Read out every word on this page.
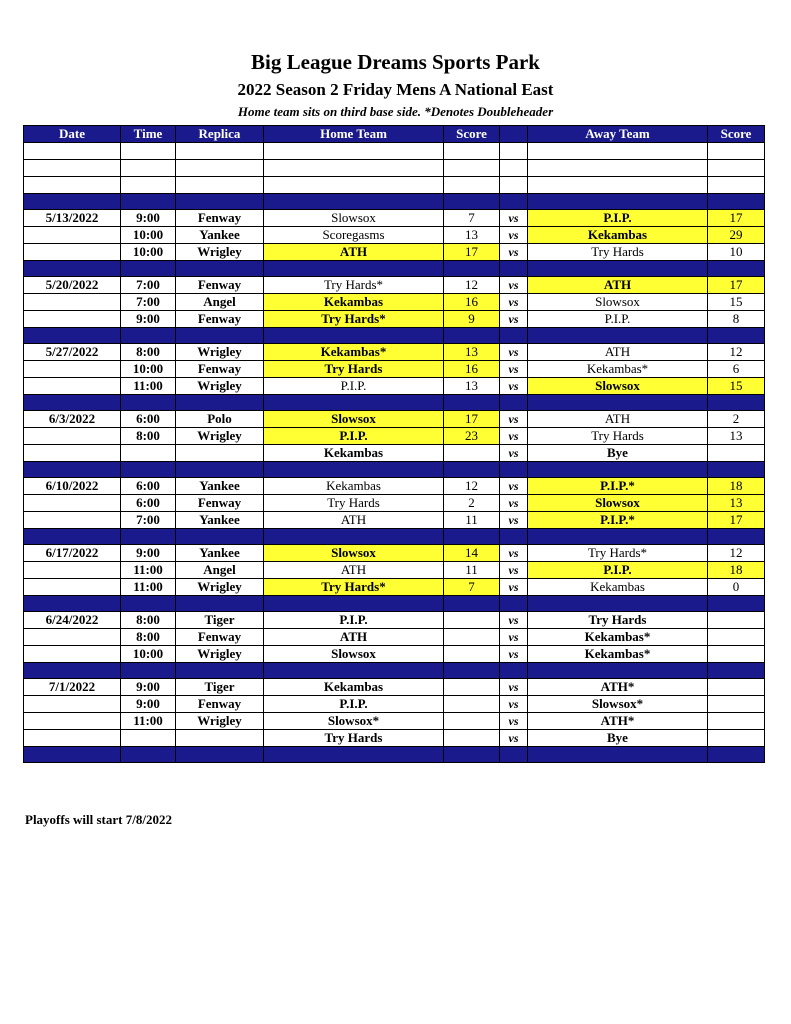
Big League Dreams Sports Park
2022 Season 2 Friday Mens A National East
Home team sits on third base side. *Denotes Doubleheader
Date	Time	Replica	Home Team	Score		Away Team	Score

5/13/2022	9:00	Fenway	Slowsox	7	vs	P.I.P.	17
	10:00	Yankee	Scoregasms	13	vs	Kekambas	29
	10:00	Wrigley	ATH	17	vs	Try Hards	10

5/20/2022	7:00	Fenway	Try Hards*	12	vs	ATH	17
	7:00	Angel	Kekambas	16	vs	Slowsox	15
	9:00	Fenway	Try Hards*	9	vs	P.I.P.	8

5/27/2022	8:00	Wrigley	Kekambas*	13	vs	ATH	12
	10:00	Fenway	Try Hards	16	vs	Kekambas*	6
	11:00	Wrigley	P.I.P.	13	vs	Slowsox	15

6/3/2022	6:00	Polo	Slowsox	17	vs	ATH	2
	8:00	Wrigley	P.I.P.	23	vs	Try Hards	13
			Kekambas		vs	Bye	

6/10/2022	6:00	Yankee	Kekambas	12	vs	P.I.P.*	18
	6:00	Fenway	Try Hards	2	vs	Slowsox	13
	7:00	Yankee	ATH	11	vs	P.I.P.*	17

6/17/2022	9:00	Yankee	Slowsox	14	vs	Try Hards*	12
	11:00	Angel	ATH	11	vs	P.I.P.	18
	11:00	Wrigley	Try Hards*	7	vs	Kekambas	0

6/24/2022	8:00	Tiger	P.I.P.		vs	Try Hards	
	8:00	Fenway	ATH		vs	Kekambas*	
	10:00	Wrigley	Slowsox		vs	Kekambas*	

7/1/2022	9:00	Tiger	Kekambas		vs	ATH*	
	9:00	Fenway	P.I.P.		vs	Slowsox*	
	11:00	Wrigley	Slowsox*		vs	ATH*	
			Try Hards		vs	Bye	

Playoffs will start 7/8/2022
